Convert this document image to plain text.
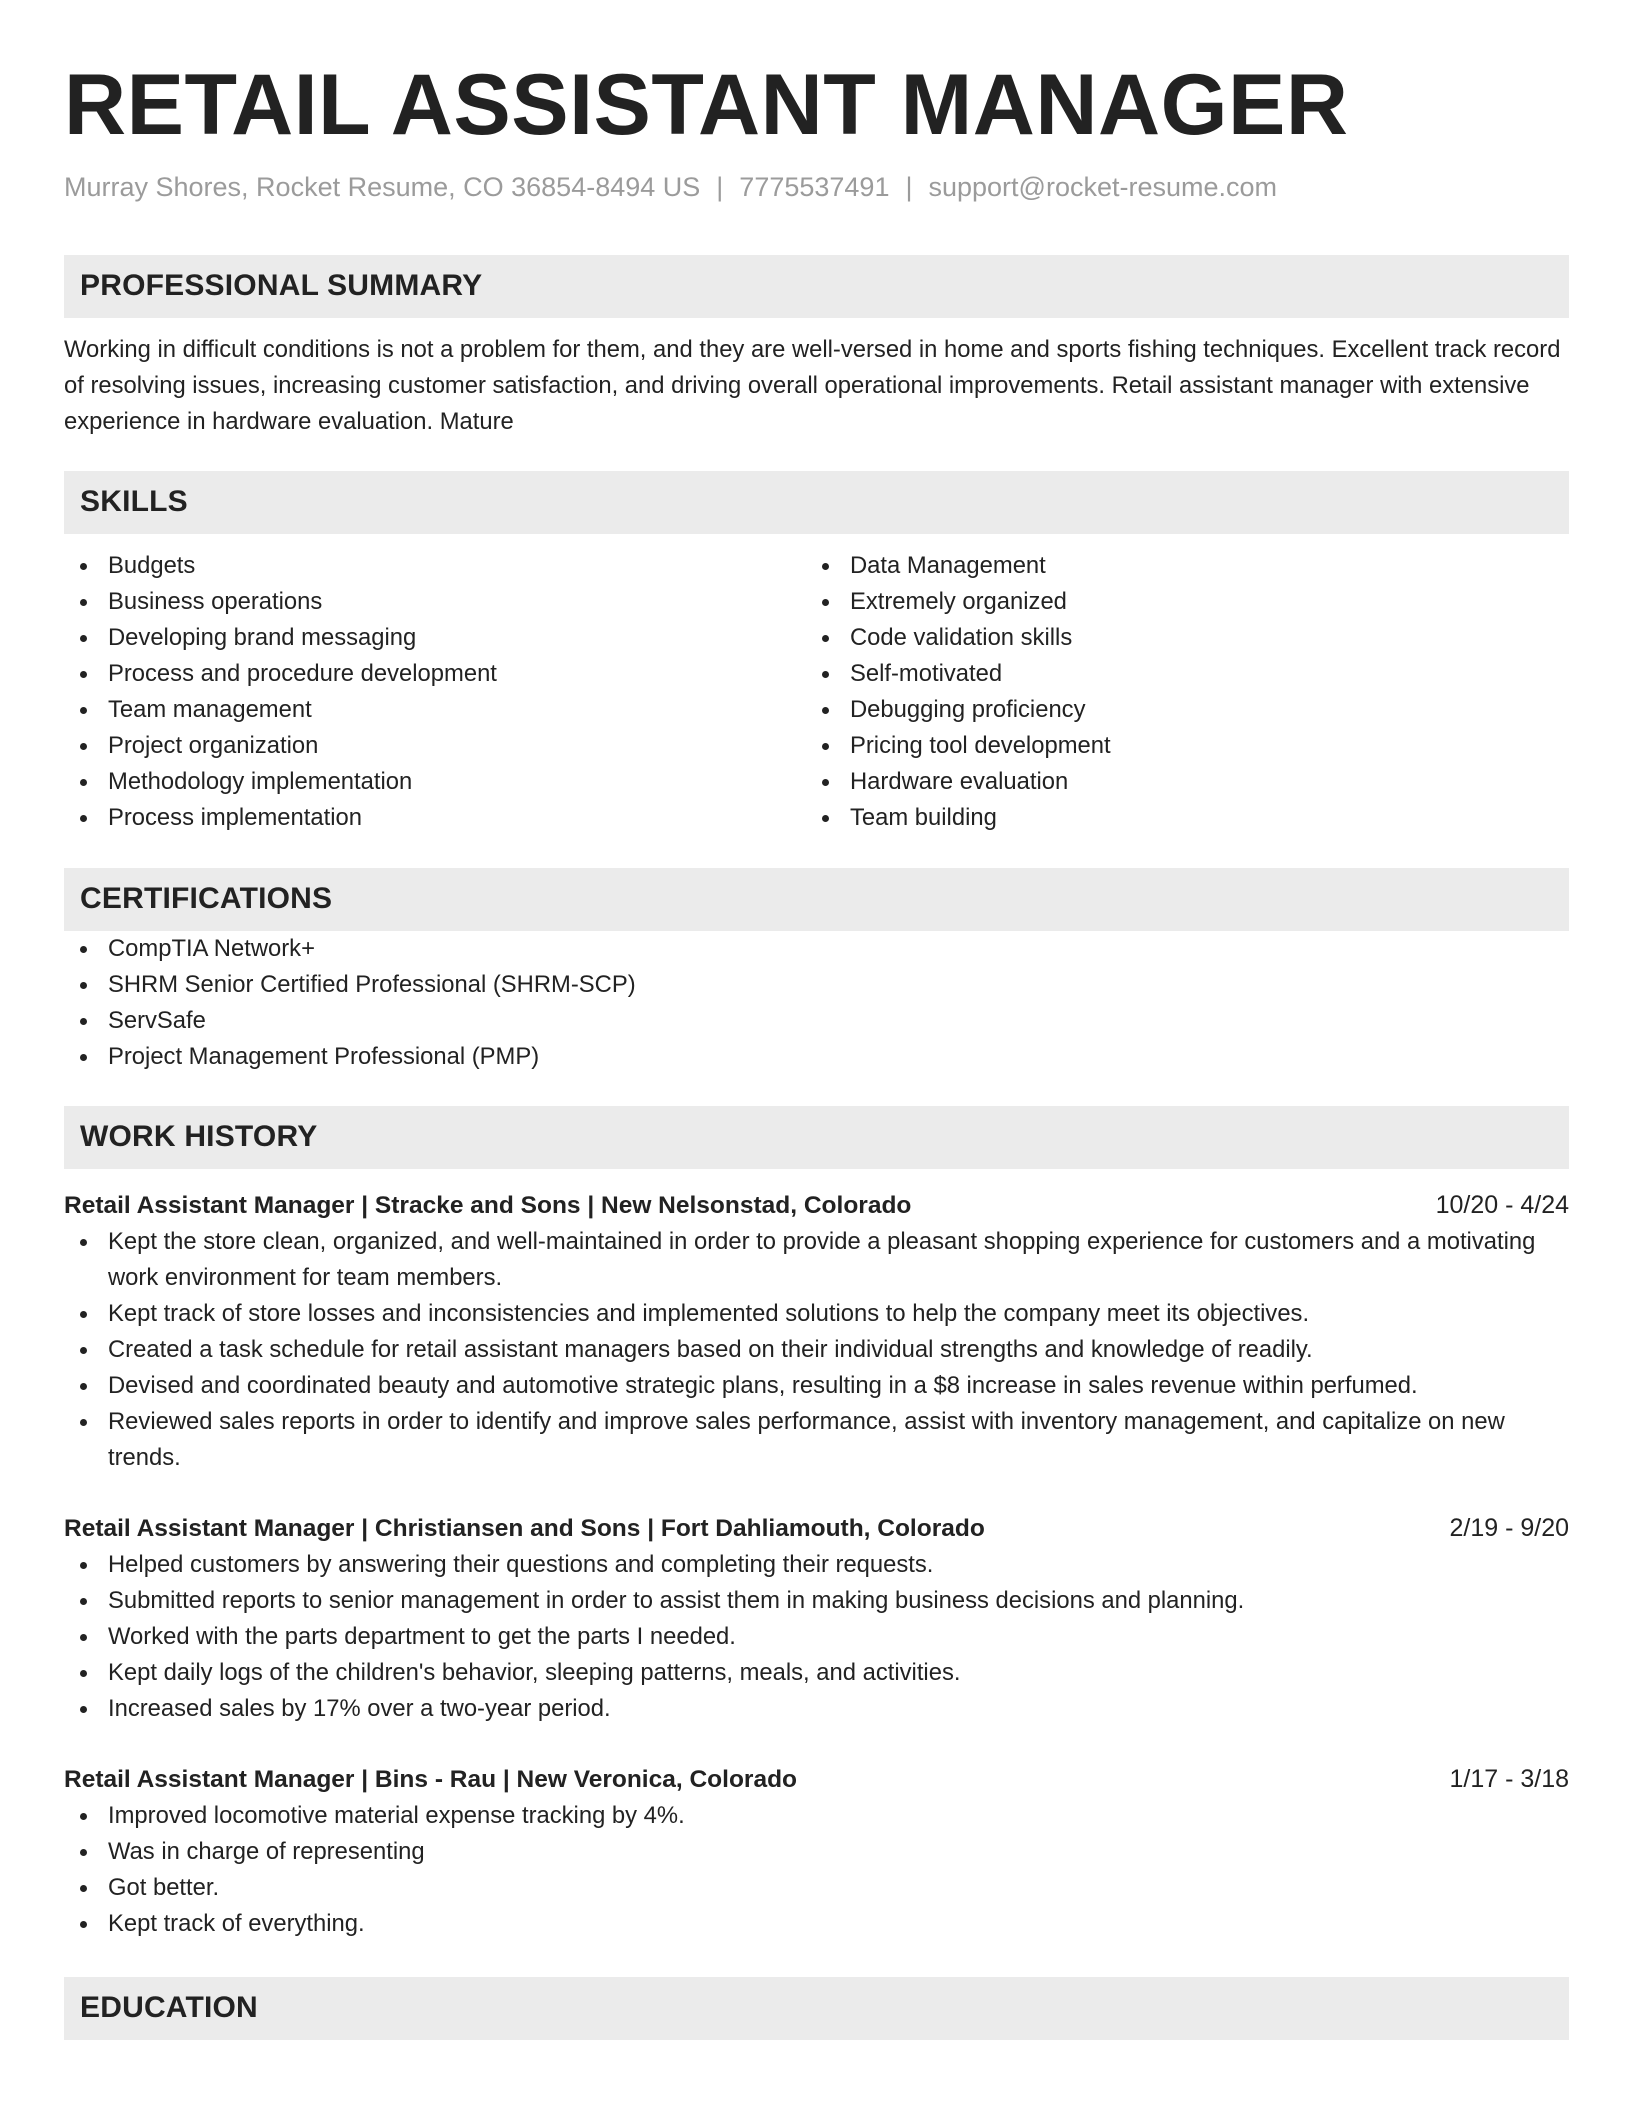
RETAIL ASSISTANT MANAGER
Murray Shores, Rocket Resume, CO 36854-8494 US | 7775537491 | support@rocket-resume.com
PROFESSIONAL SUMMARY
Working in difficult conditions is not a problem for them, and they are well-versed in home and sports fishing techniques. Excellent track record of resolving issues, increasing customer satisfaction, and driving overall operational improvements. Retail assistant manager with extensive experience in hardware evaluation. Mature
SKILLS
Budgets
Business operations
Developing brand messaging
Process and procedure development
Team management
Project organization
Methodology implementation
Process implementation
Data Management
Extremely organized
Code validation skills
Self-motivated
Debugging proficiency
Pricing tool development
Hardware evaluation
Team building
CERTIFICATIONS
CompTIA Network+
SHRM Senior Certified Professional (SHRM-SCP)
ServSafe
Project Management Professional (PMP)
WORK HISTORY
Retail Assistant Manager | Stracke and Sons | New Nelsonstad, Colorado	10/20 - 4/24
Kept the store clean, organized, and well-maintained in order to provide a pleasant shopping experience for customers and a motivating work environment for team members.
Kept track of store losses and inconsistencies and implemented solutions to help the company meet its objectives.
Created a task schedule for retail assistant managers based on their individual strengths and knowledge of readily.
Devised and coordinated beauty and automotive strategic plans, resulting in a $8 increase in sales revenue within perfumed.
Reviewed sales reports in order to identify and improve sales performance, assist with inventory management, and capitalize on new trends.
Retail Assistant Manager | Christiansen and Sons | Fort Dahliamouth, Colorado	2/19 - 9/20
Helped customers by answering their questions and completing their requests.
Submitted reports to senior management in order to assist them in making business decisions and planning.
Worked with the parts department to get the parts I needed.
Kept daily logs of the children's behavior, sleeping patterns, meals, and activities.
Increased sales by 17% over a two-year period.
Retail Assistant Manager | Bins - Rau | New Veronica, Colorado	1/17 - 3/18
Improved locomotive material expense tracking by 4%.
Was in charge of representing
Got better.
Kept track of everything.
EDUCATION
